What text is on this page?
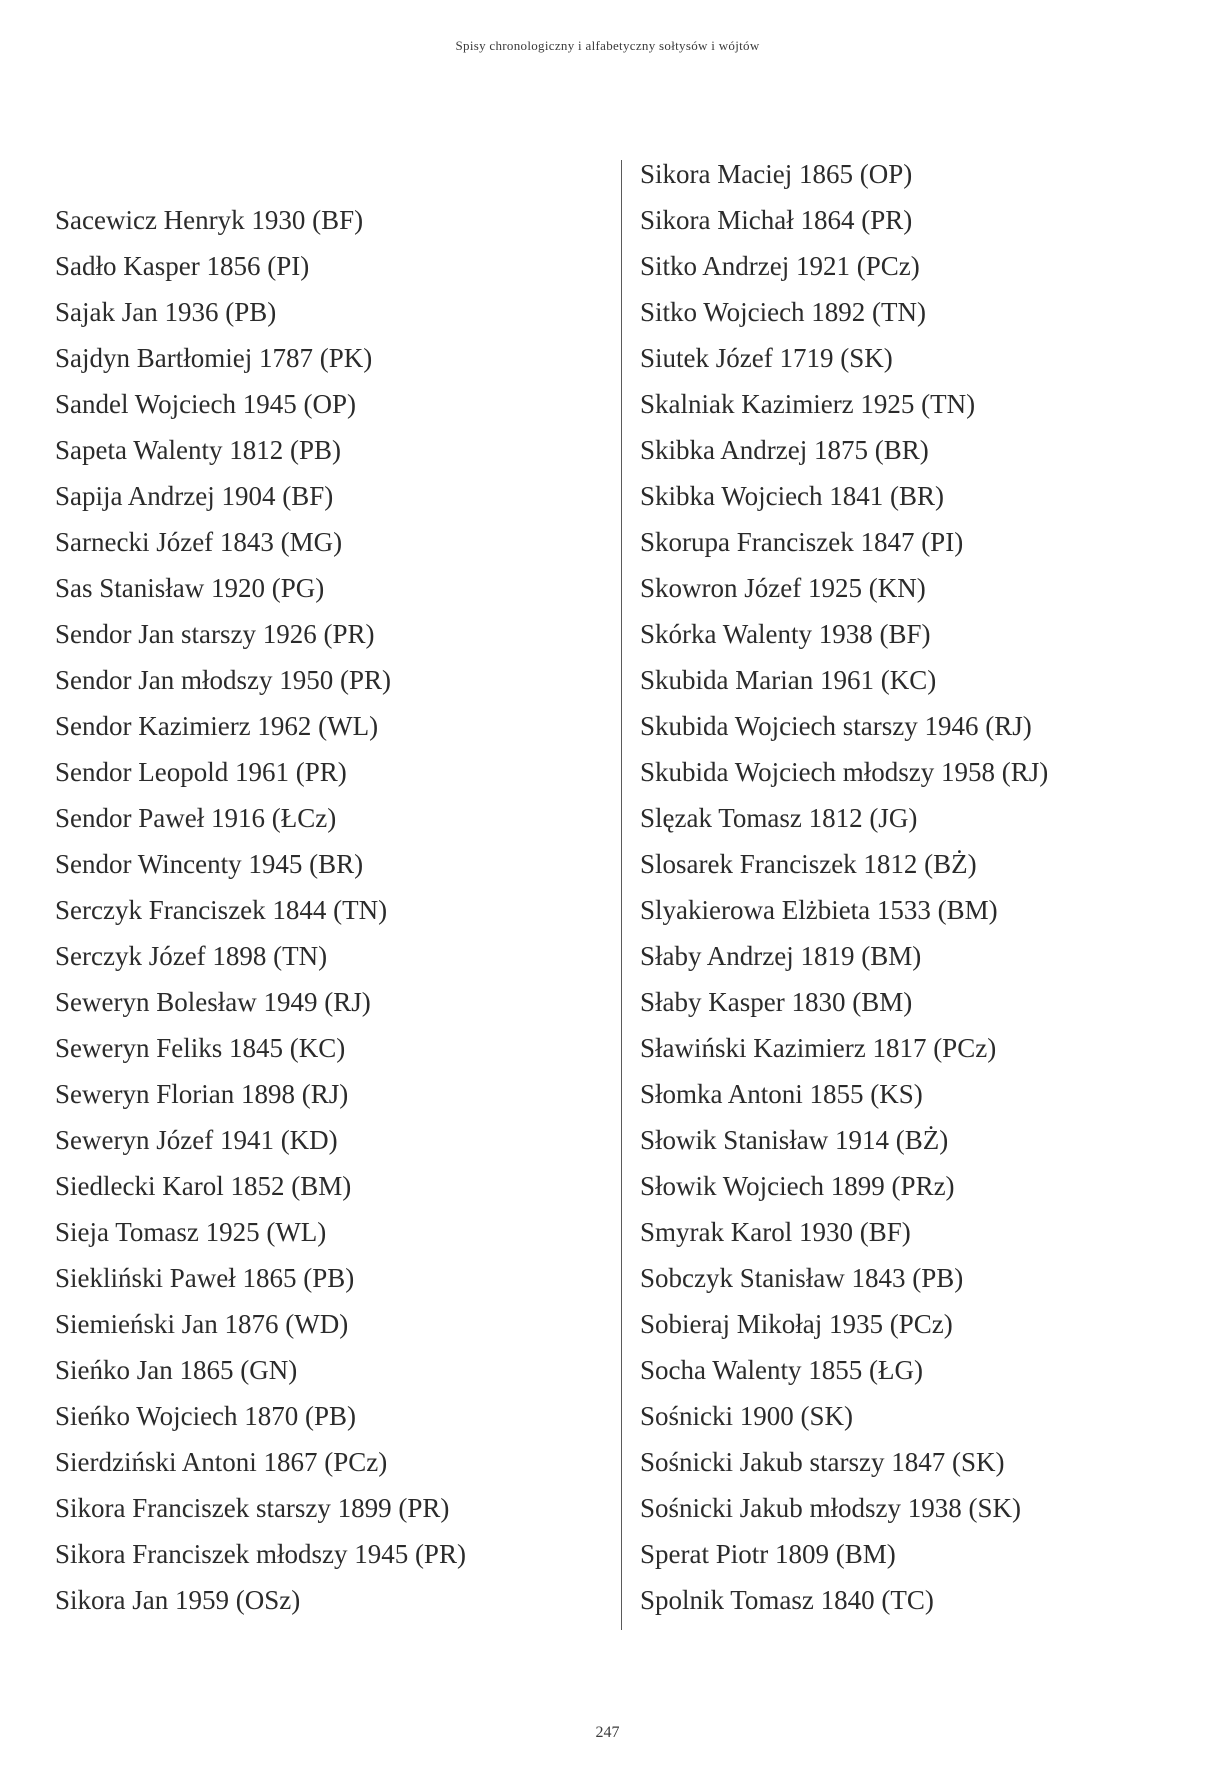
Spisy chronologiczny i alfabetyczny sołtysów i wójtów
Sacewicz Henryk 1930 (BF)
Sadło Kasper 1856 (PI)
Sajak Jan 1936 (PB)
Sajdyn Bartłomiej 1787 (PK)
Sandel Wojciech 1945 (OP)
Sapeta Walenty 1812 (PB)
Sapija Andrzej 1904 (BF)
Sarnecki Józef 1843 (MG)
Sas Stanisław 1920 (PG)
Sendor Jan starszy 1926 (PR)
Sendor Jan młodszy 1950 (PR)
Sendor Kazimierz 1962 (WL)
Sendor Leopold 1961 (PR)
Sendor Paweł 1916 (ŁCz)
Sendor Wincenty 1945 (BR)
Serczyk Franciszek 1844 (TN)
Serczyk Józef 1898 (TN)
Seweryn Bolesław 1949 (RJ)
Seweryn Feliks 1845 (KC)
Seweryn Florian 1898 (RJ)
Seweryn Józef 1941 (KD)
Siedlecki Karol 1852 (BM)
Sieja Tomasz 1925 (WL)
Siekliński Paweł 1865 (PB)
Siemieński Jan 1876 (WD)
Sieńko Jan 1865 (GN)
Sieńko Wojciech 1870 (PB)
Sierdziński Antoni 1867 (PCz)
Sikora Franciszek starszy 1899 (PR)
Sikora Franciszek młodszy 1945 (PR)
Sikora Jan 1959 (OSz)
Sikora Maciej 1865 (OP)
Sikora Michał 1864 (PR)
Sitko Andrzej 1921 (PCz)
Sitko Wojciech 1892 (TN)
Siutek Józef 1719 (SK)
Skalniak Kazimierz 1925 (TN)
Skibka Andrzej 1875 (BR)
Skibka Wojciech 1841 (BR)
Skorupa Franciszek 1847 (PI)
Skowron Józef 1925 (KN)
Skórka Walenty 1938 (BF)
Skubida Marian 1961 (KC)
Skubida Wojciech starszy 1946 (RJ)
Skubida Wojciech młodszy 1958 (RJ)
Slęzak Tomasz 1812 (JG)
Slosarek Franciszek 1812 (BŻ)
Slyakierowa Elżbieta 1533 (BM)
Słaby Andrzej 1819 (BM)
Słaby Kasper 1830 (BM)
Sławiński Kazimierz 1817 (PCz)
Słomka Antoni 1855 (KS)
Słowik Stanisław 1914 (BŻ)
Słowik Wojciech 1899 (PRz)
Smyrak Karol 1930 (BF)
Sobczyk Stanisław 1843 (PB)
Sobieraj Mikołaj 1935 (PCz)
Socha Walenty 1855 (ŁG)
Sośnicki 1900 (SK)
Sośnicki Jakub starszy 1847 (SK)
Sośnicki Jakub młodszy 1938 (SK)
Sperat Piotr 1809 (BM)
Spolnik Tomasz 1840 (TC)
247
